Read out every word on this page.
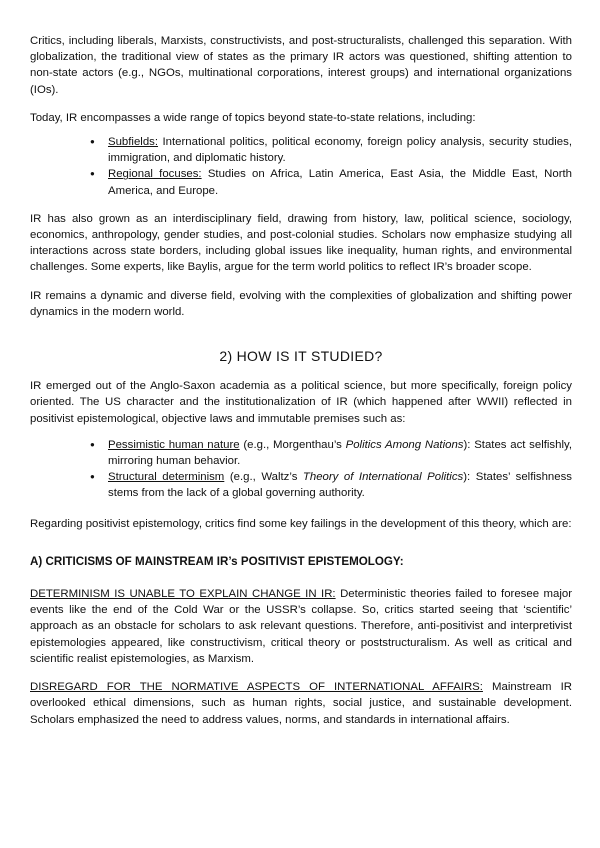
Critics, including liberals, Marxists, constructivists, and post-structuralists, challenged this separation. With globalization, the traditional view of states as the primary IR actors was questioned, shifting attention to non-state actors (e.g., NGOs, multinational corporations, interest groups) and international organizations (IOs).

Today, IR encompasses a wide range of topics beyond state-to-state relations, including:

● Subfields: International politics, political economy, foreign policy analysis, security studies, immigration, and diplomatic history.
● Regional focuses: Studies on Africa, Latin America, East Asia, the Middle East, North America, and Europe.

IR has also grown as an interdisciplinary field, drawing from history, law, political science, sociology, economics, anthropology, gender studies, and post-colonial studies. Scholars now emphasize studying all interactions across state borders, including global issues like inequality, human rights, and environmental challenges. Some experts, like Baylis, argue for the term world politics to reflect IR’s broader scope.

IR remains a dynamic and diverse field, evolving with the complexities of globalization and shifting power dynamics in the modern world.

2) HOW IS IT STUDIED?

IR emerged out of the Anglo-Saxon academia as a political science, but more specifically, foreign policy oriented. The US character and the institutionalization of IR (which happened after WWII) reflected in positivist epistemological, objective laws and immutable premises such as:

● Pessimistic human nature (e.g., Morgenthau’s Politics Among Nations): States act selfishly, mirroring human behavior.
● Structural determinism (e.g., Waltz’s Theory of International Politics): States’ selfishness stems from the lack of a global governing authority.

Regarding positivist epistemology, critics find some key failings in the development of this theory, which are:

A) CRITICISMS OF MAINSTREAM IR’s POSITIVIST EPISTEMOLOGY:

DETERMINISM IS UNABLE TO EXPLAIN CHANGE IN IR: Deterministic theories failed to foresee major events like the end of the Cold War or the USSR’s collapse. So, critics started seeing that ‘scientific’ approach as an obstacle for scholars to ask relevant questions. Therefore, anti-positivist and interpretivist epistemologies appeared, like constructivism, critical theory or poststructuralism. As well as critical and scientific realist epistemologies, as Marxism.

DISREGARD FOR THE NORMATIVE ASPECTS OF INTERNATIONAL AFFAIRS: Mainstream IR overlooked ethical dimensions, such as human rights, social justice, and sustainable development. Scholars emphasized the need to address values, norms, and standards in international affairs.
